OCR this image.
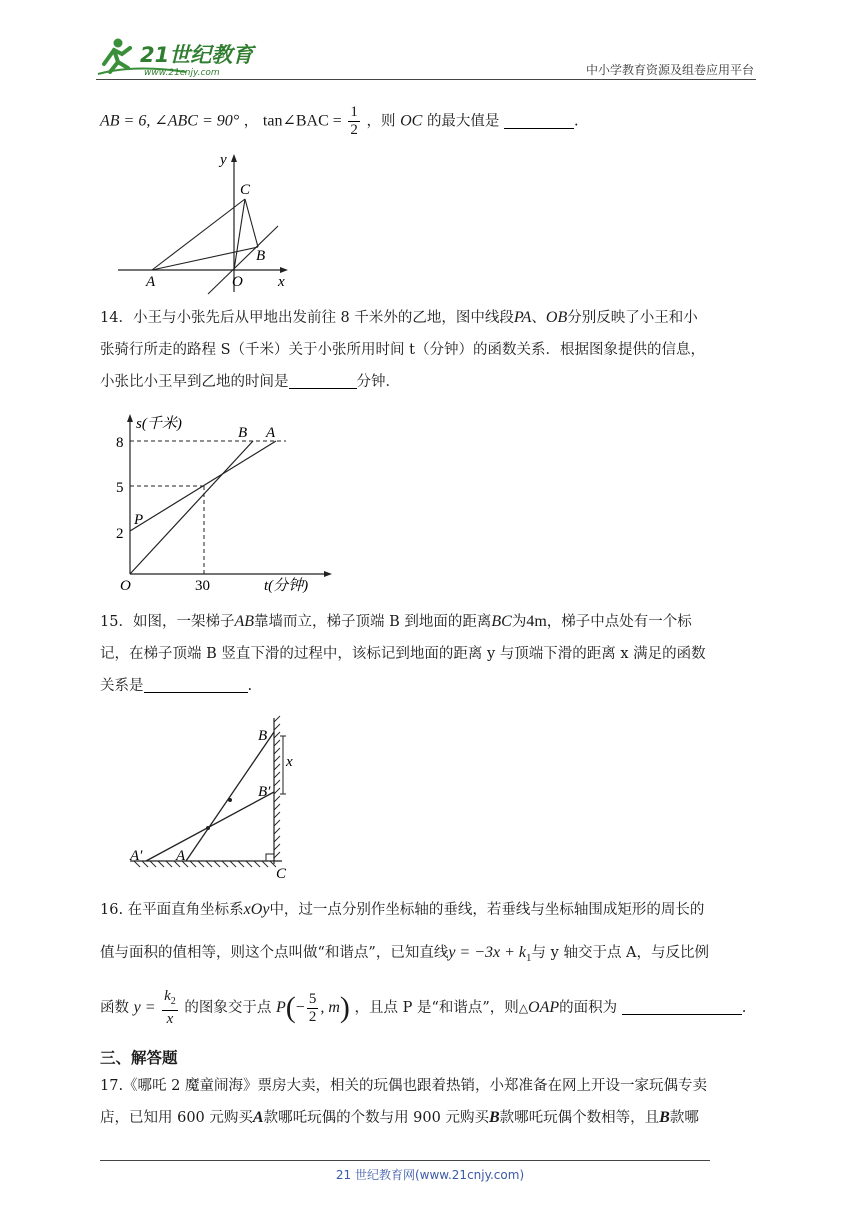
21世纪教育
www.21cnjy.com	中小学教育资源及组卷应用平台
AB = 6, ∠ABC = 90° ， tan∠BAC = $\frac{1}{2}$ ，则 OC 的最大值是	.
y
x
C
B
A	O
14．小王与小张先后从甲地出发前往 8 千米外的乙地，图中线段PA、OB分别反映了小王和小
张骑行所走的路程 S（千米）关于小张所用时间 t（分钟）的函数关系．根据图象提供的信息，
小张比小王早到乙地的时间是	分钟．
s(千米)
8
5
2
P
B A
O	30	t(分钟)
15．如图，一架梯子AB靠墙而立，梯子顶端 B 到地面的距离BC为4m，梯子中点处有一个标
记，在梯子顶端 B 竖直下滑的过程中，该标记到地面的距离 y 与顶端下滑的距离 x 满足的函数
关系是	.
B
B′
x
A′ A
C
16. 在平面直角坐标系xOy中，过一点分别作坐标轴的垂线，若垂线与坐标轴围成矩形的周长的
值与面积的值相等，则这个点叫做“和谐点”，已知直线$y = -3x + k_1$与 y 轴交于点 A，与反比例
函数 $y = \frac{k_2}{x}$ 的图象交于点 $P(- \frac{5}{2}$ , m) ，且点 P 是“和谐点”，则△OAP的面积为	.
三、解答题
17.《哪吒 2 魔童闹海》票房大卖，相关的玩偶也跟着热销，小郑准备在网上开设一家玩偶专卖
店，已知用 600 元购买A款哪吒玩偶的个数与用 900 元购买B款哪吒玩偶个数相等，且B款哪
21 世纪教育网(www.21cnjy.com)
